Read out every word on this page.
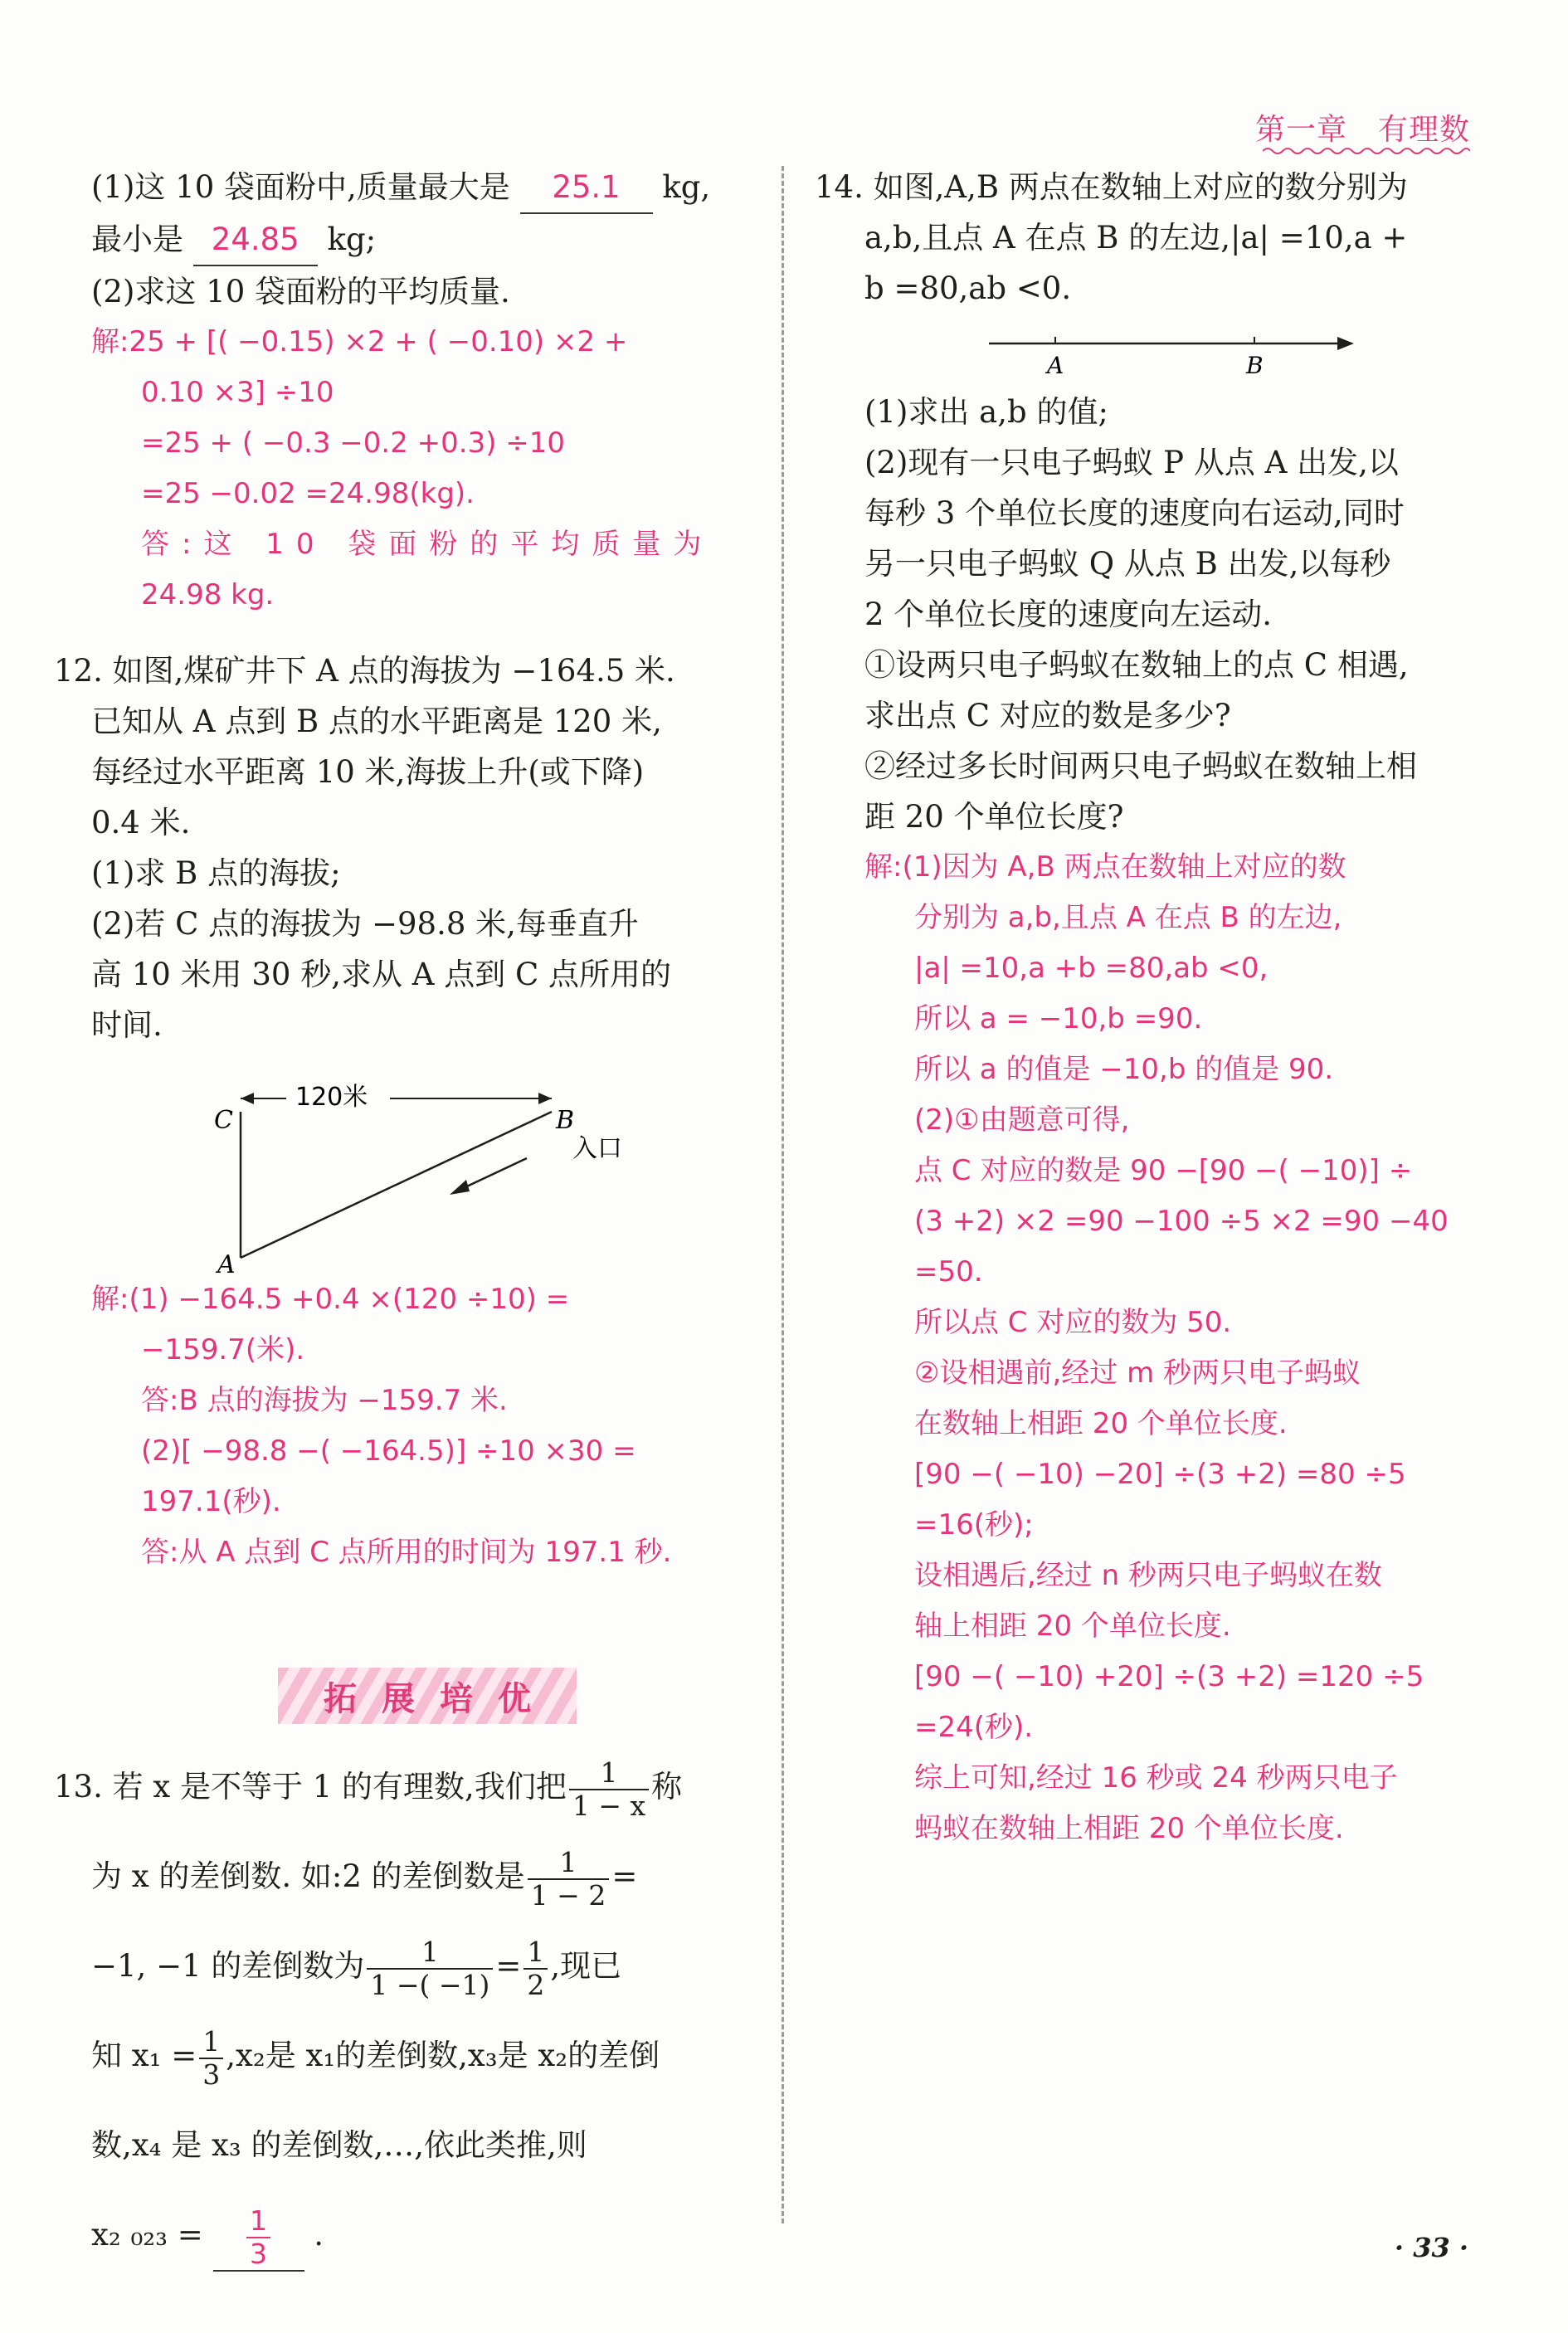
第一章　有理数
(1)这 10 袋面粉中,质量最大是 25.1 kg,
最小是 24.85 kg;
(2)求这 10 袋面粉的平均质量.
解:25 + [( −0.15) ×2 + ( −0.10) ×2 +
0.10 ×3] ÷10
=25 + ( −0.3 −0.2 +0.3) ÷10
=25 −0.02 =24.98(kg).
答:这 10 袋面粉的平均质量为
24.98 kg.
12. 如图,煤矿井下 A 点的海拔为 −164.5 米.
已知从 A 点到 B 点的水平距离是 120 米,
每经过水平距离 10 米,海拔上升(或下降)
0.4 米.
(1)求 B 点的海拔;
(2)若 C 点的海拔为 −98.8 米,每垂直升
高 10 米用 30 秒,求从 A 点到 C 点所用的
时间.
120米
C	B
A
入口
解:(1) −164.5 +0.4 ×(120 ÷10) =
−159.7(米).
答:B 点的海拔为 −159.7 米.
(2)[ −98.8 −( −164.5)] ÷10 ×30 =
197.1(秒).
答:从 A 点到 C 点所用的时间为 197.1 秒.
拓展培优
13. 若 x 是不等于 1 的有理数,我们把 $\frac{1}{1 - x}$ 称
为 x 的差倒数. 如:2 的差倒数是 $\frac{1}{1 - 2}$ =
−1, −1 的差倒数为 $\frac{1}{1 -( -1)} = \frac{1}{2}$ ,现已
知 $x_1 = \frac{1}{3} ,x_2$是 x₁的差倒数,x₃是 x₂的差倒
数,x₄ 是 x₃ 的差倒数,…,依此类推,则
x₂ $_{023} = \frac{1}{3}$ .
14. 如图,A,B 两点在数轴上对应的数分别为
a,b,且点 A 在点 B 的左边,|a| =10,a +
b =80,ab <0.
A	B
(1)求出 a,b 的值;
(2)现有一只电子蚂蚁 P 从点 A 出发,以
每秒 3 个单位长度的速度向右运动,同时
另一只电子蚂蚁 Q 从点 B 出发,以每秒
2 个单位长度的速度向左运动.
①设两只电子蚂蚁在数轴上的点 C 相遇,
求出点 C 对应的数是多少?
②经过多长时间两只电子蚂蚁在数轴上相
距 20 个单位长度?
解:(1)因为 A,B 两点在数轴上对应的数
分别为 a,b,且点 A 在点 B 的左边,
|a| =10,a +b =80,ab <0,
所以 a = −10,b =90.
所以 a 的值是 −10,b 的值是 90.
(2)①由题意可得,
点 C 对应的数是 90 −[90 −( −10)] ÷
(3 +2) ×2 =90 −100 ÷5 ×2 =90 −40
=50.
所以点 C 对应的数为 50.
②设相遇前,经过 m 秒两只电子蚂蚁
在数轴上相距 20 个单位长度.
[90 −( −10) −20] ÷(3 +2) =80 ÷5
=16(秒);
设相遇后,经过 n 秒两只电子蚂蚁在数
轴上相距 20 个单位长度.
[90 −( −10) +20] ÷(3 +2) =120 ÷5
=24(秒).
综上可知,经过 16 秒或 24 秒两只电子
蚂蚁在数轴上相距 20 个单位长度.
· 33 ·
